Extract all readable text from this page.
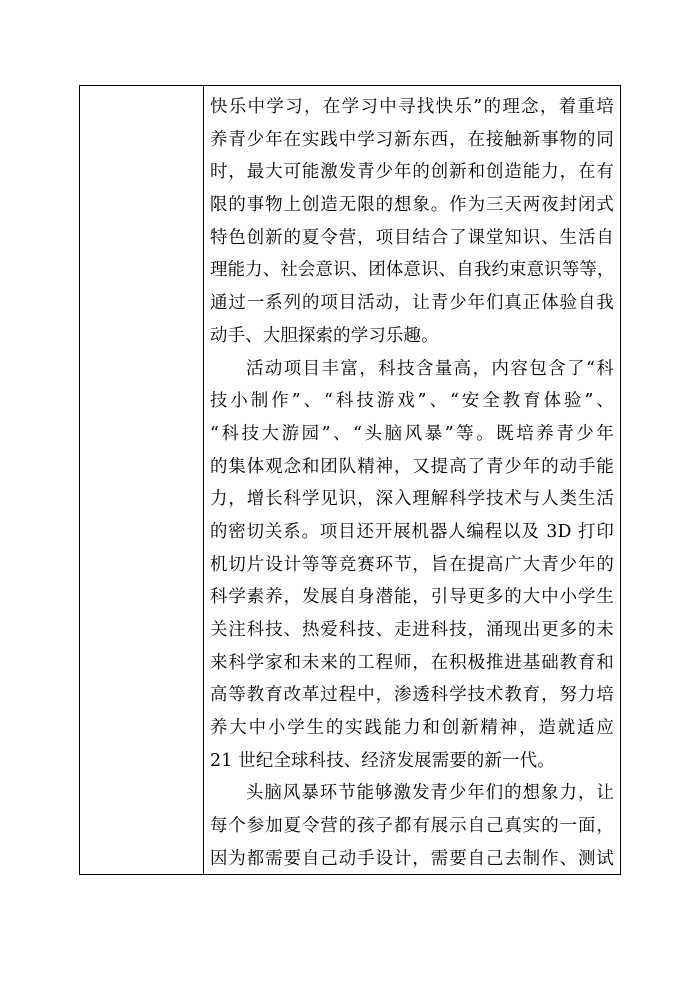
快乐中学习，在学习中寻找快乐”的理念，着重培
养青少年在实践中学习新东西，在接触新事物的同
时，最大可能激发青少年的创新和创造能力，在有
限的事物上创造无限的想象。作为三天两夜封闭式
特色创新的夏令营，项目结合了课堂知识、生活自
理能力、社会意识、团体意识、自我约束意识等等，
通过一系列的项目活动，让青少年们真正体验自我
动手、大胆探索的学习乐趣。
活动项目丰富，科技含量高，内容包含了“科
技小制作”、“科技游戏”、“安全教育体验”、
“科技大游园”、“头脑风暴”等。既培养青少年
的集体观念和团队精神，又提高了青少年的动手能
力，增长科学见识，深入理解科学技术与人类生活
的密切关系。项目还开展机器人编程以及 3D 打印
机切片设计等等竞赛环节，旨在提高广大青少年的
科学素养，发展自身潜能，引导更多的大中小学生
关注科技、热爱科技、走进科技，涌现出更多的未
来科学家和未来的工程师，在积极推进基础教育和
高等教育改革过程中，渗透科学技术教育，努力培
养大中小学生的实践能力和创新精神，造就适应
21 世纪全球科技、经济发展需要的新一代。
头脑风暴环节能够激发青少年们的想象力，让
每个参加夏令营的孩子都有展示自己真实的一面，
因为都需要自己动手设计，需要自己去制作、测试
